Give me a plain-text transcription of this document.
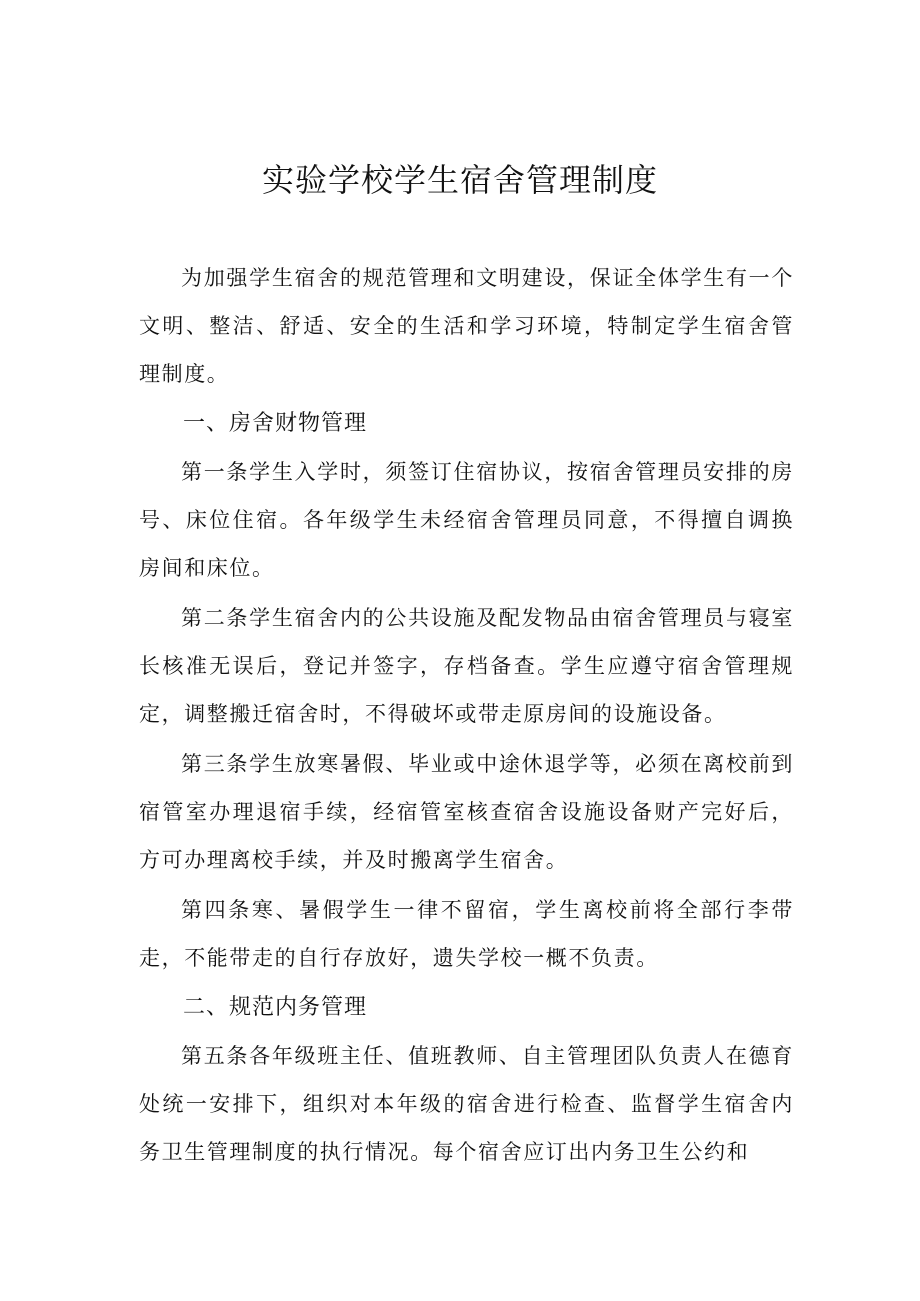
实验学校学生宿舍管理制度

为加强学生宿舍的规范管理和文明建设，保证全体学生有一个文明、整洁、舒适、安全的生活和学习环境，特制定学生宿舍管理制度。

一、房舍财物管理

第一条学生入学时，须签订住宿协议，按宿舍管理员安排的房号、床位住宿。各年级学生未经宿舍管理员同意，不得擅自调换房间和床位。

第二条学生宿舍内的公共设施及配发物品由宿舍管理员与寝室长核准无误后，登记并签字，存档备查。学生应遵守宿舍管理规定，调整搬迁宿舍时，不得破坏或带走原房间的设施设备。

第三条学生放寒暑假、毕业或中途休退学等，必须在离校前到宿管室办理退宿手续，经宿管室核查宿舍设施设备财产完好后，方可办理离校手续，并及时搬离学生宿舍。

第四条寒、暑假学生一律不留宿，学生离校前将全部行李带走，不能带走的自行存放好，遗失学校一概不负责。

二、规范内务管理

第五条各年级班主任、值班教师、自主管理团队负责人在德育处统一安排下，组织对本年级的宿舍进行检查、监督学生宿舍内务卫生管理制度的执行情况。每个宿舍应订出内务卫生公约和
